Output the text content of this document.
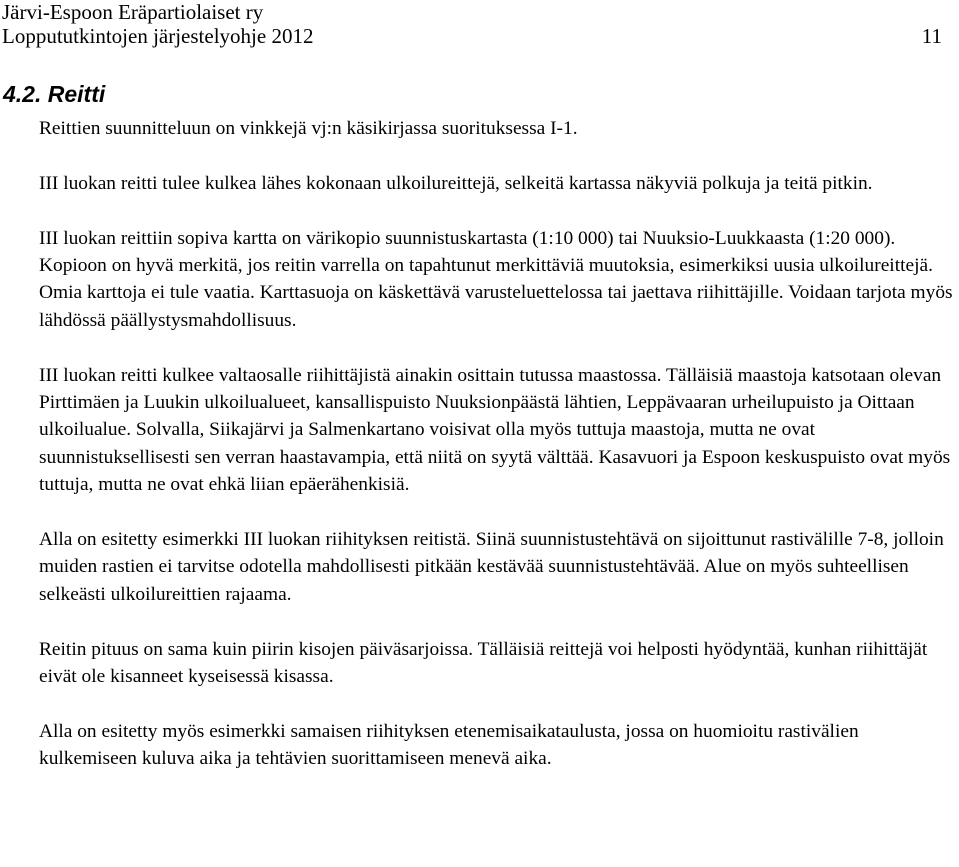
Järvi-Espoon Eräpartiolaiset ry
Loppututkintojen järjestelyohje 2012	11
4.2. Reitti

Reittien suunnitteluun on vinkkejä vj:n käsikirjassa suorituksessa I-1.

III luokan reitti tulee kulkea lähes kokonaan ulkoilureittejä, selkeitä kartassa näkyviä polkuja ja teitä pitkin.

III luokan reittiin sopiva kartta on värikopio suunnistuskartasta (1:10 000) tai Nuuksio-Luukkaasta (1:20 000). Kopioon on hyvä merkitä, jos reitin varrella on tapahtunut merkittäviä muutoksia, esimerkiksi uusia ulkoilureittejä. Omia karttoja ei tule vaatia. Karttasuoja on käskettävä varusteluettelossa tai jaettava riihittäjille. Voidaan tarjota myös lähdössä päällystysmahdollisuus.

III luokan reitti kulkee valtaosalle riihittäjistä ainakin osittain tutussa maastossa. Tälläisiä maastoja katsotaan olevan Pirttimäen ja Luukin ulkoilualueet, kansallispuisto Nuuksionpäästä lähtien, Leppävaaran urheilupuisto ja Oittaan ulkoilualue. Solvalla, Siikajärvi ja Salmenkartano voisivat olla myös tuttuja maastoja, mutta ne ovat suunnistuksellisesti sen verran haastavampia, että niitä on syytä välttää. Kasavuori ja Espoon keskuspuisto ovat myös tuttuja, mutta ne ovat ehkä liian epäerähenkisiä.

Alla on esitetty esimerkki III luokan riihityksen reitistä. Siinä suunnistustehtävä on sijoittunut rastivälille 7-8, jolloin muiden rastien ei tarvitse odotella mahdollisesti pitkään kestävää suunnistustehtävää. Alue on myös suhteellisen selkeästi ulkoilureittien rajaama.

Reitin pituus on sama kuin piirin kisojen päiväsarjoissa. Tälläisiä reittejä voi helposti hyödyntää, kunhan riihittäjät eivät ole kisanneet kyseisessä kisassa.

Alla on esitetty myös esimerkki samaisen riihityksen etenemisaikataulusta, jossa on huomioitu rastivälien kulkemiseen kuluva aika ja tehtävien suorittamiseen menevä aika.
